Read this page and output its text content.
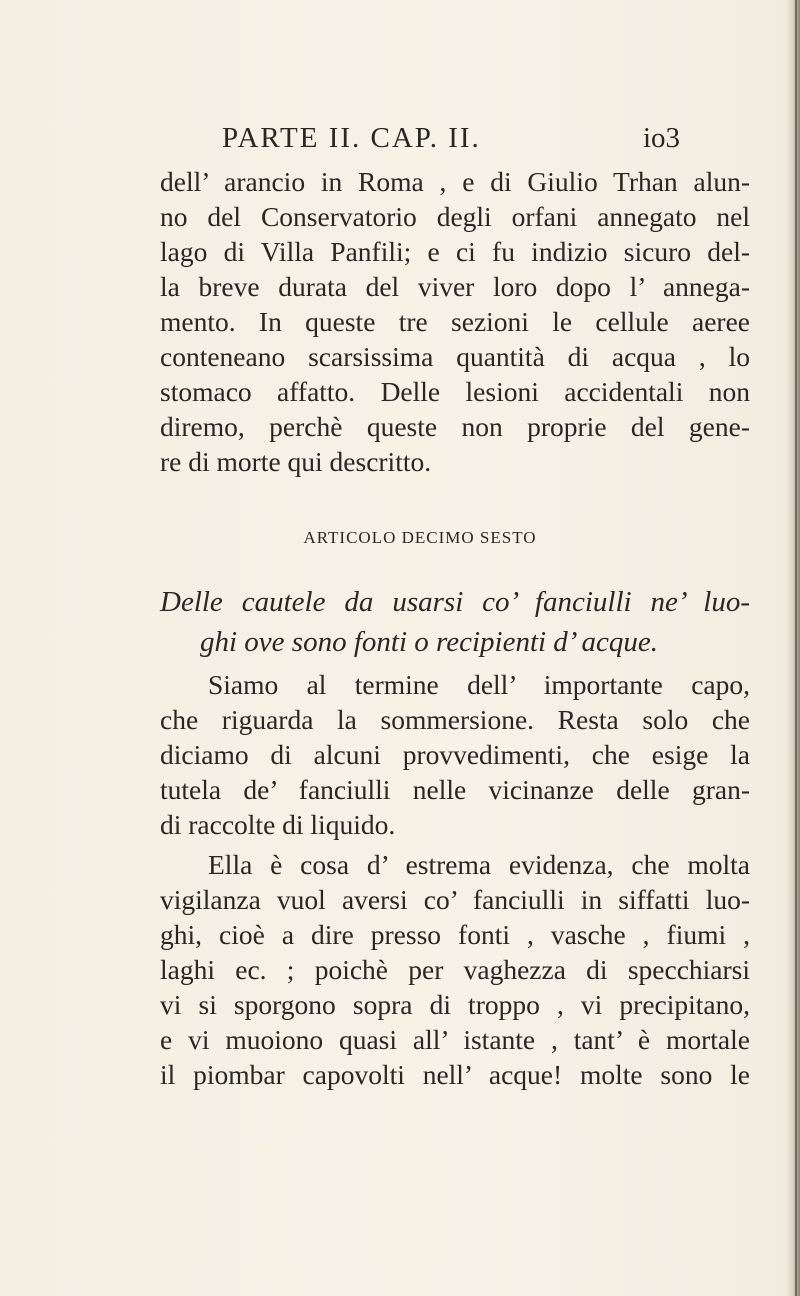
PARTE II. CAP. II.	io3
dell’ arancio in Roma , e di Giulio Trhan alun-
no del Conservatorio degli orfani annegato nel
lago di Villa Panfili; e ci fu indizio sicuro del-
la breve durata del viver loro dopo l’ annega-
mento. In queste tre sezioni le cellule aeree
conteneano scarsissima quantità di acqua , lo
stomaco affatto. Delle lesioni accidentali non
diremo, perchè queste non proprie del gene-
re di morte qui descritto.
ARTICOLO DECIMO SESTO
Delle cautele da usarsi co’ fanciulli ne’ luo-
ghi ove sono fonti o recipienti d’ acque.
Siamo al termine dell’ importante capo,
che riguarda la sommersione. Resta solo che
diciamo di alcuni provvedimenti, che esige la
tutela de’ fanciulli nelle vicinanze delle gran-
di raccolte di liquido.
Ella è cosa d’ estrema evidenza, che molta
vigilanza vuol aversi co’ fanciulli in siffatti luo-
ghi, cioè a dire presso fonti , vasche , fiumi ,
laghi ec. ; poichè per vaghezza di specchiarsi
vi si sporgono sopra di troppo , vi precipitano,
e vi muoiono quasi all’ istante , tant’ è mortale
il piombar capovolti nell’ acque! molte sono le
